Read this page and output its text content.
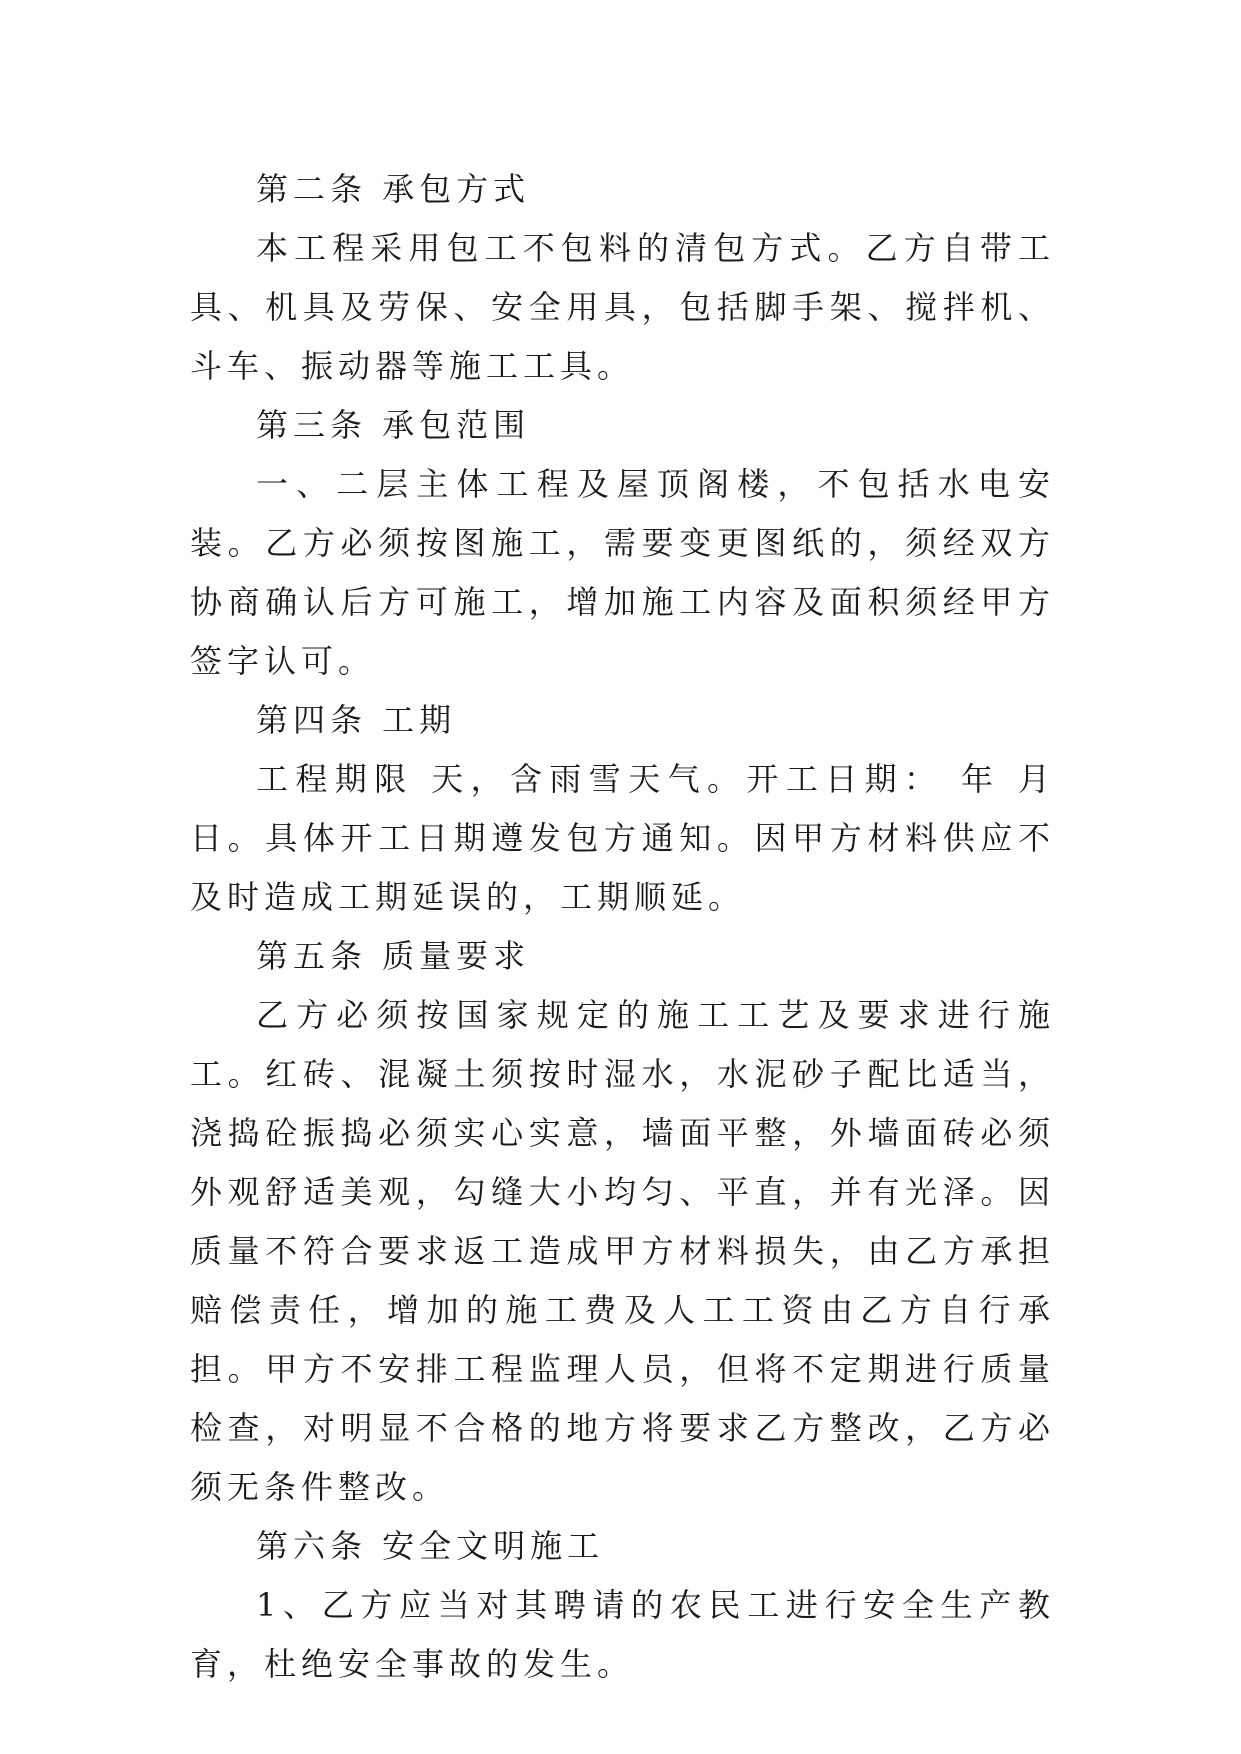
第二条 承包方式

本工程采用包工不包料的清包方式。乙方自带工具、机具及劳保、安全用具，包括脚手架、搅拌机、斗车、振动器等施工工具。

第三条 承包范围

一、二层主体工程及屋顶阁楼，不包括水电安装。乙方必须按图施工，需要变更图纸的，须经双方协商确认后方可施工，增加施工内容及面积须经甲方签字认可。

第四条 工期

工程期限 天，含雨雪天气。开工日期： 年 月 日。具体开工日期遵发包方通知。因甲方材料供应不及时造成工期延误的，工期顺延。

第五条 质量要求

乙方必须按国家规定的施工工艺及要求进行施工。红砖、混凝土须按时湿水，水泥砂子配比适当，浇捣砼振捣必须实心实意，墙面平整，外墙面砖必须外观舒适美观，勾缝大小均匀、平直，并有光泽。因质量不符合要求返工造成甲方材料损失，由乙方承担赔偿责任，增加的施工费及人工工资由乙方自行承担。甲方不安排工程监理人员，但将不定期进行质量检查，对明显不合格的地方将要求乙方整改，乙方必须无条件整改。

第六条 安全文明施工

1、乙方应当对其聘请的农民工进行安全生产教育，杜绝安全事故的发生。
